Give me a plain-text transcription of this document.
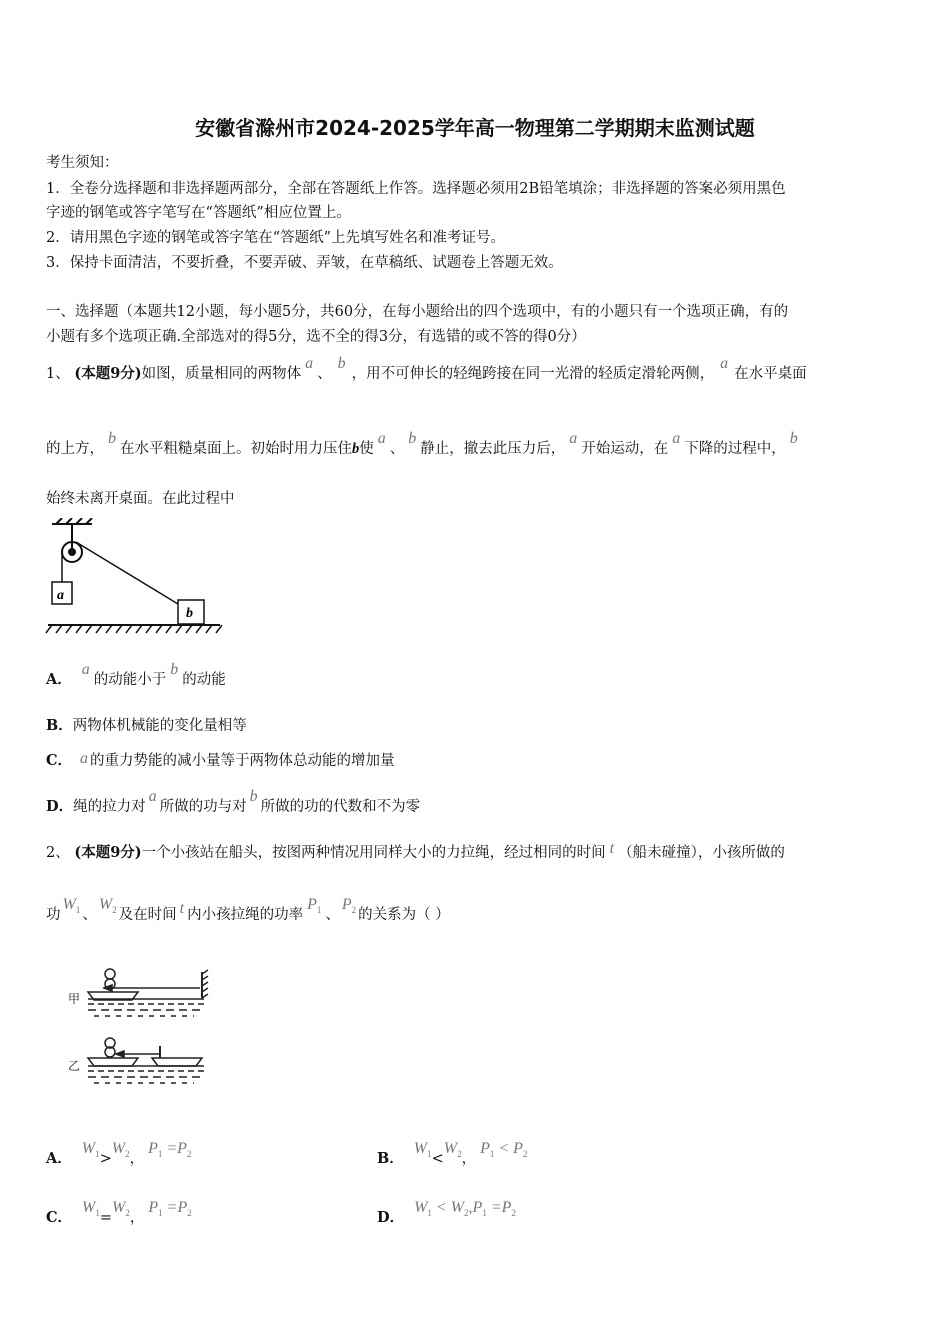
安徽省滁州市2024-2025学年高一物理第二学期期末监测试题
考生须知：
1．全卷分选择题和非选择题两部分，全部在答题纸上作答。选择题必须用2B铅笔填涂；非选择题的答案必须用黑色
字迹的钢笔或答字笔写在“答题纸”相应位置上。
2．请用黑色字迹的钢笔或答字笔在“答题纸”上先填写姓名和准考证号。
3．保持卡面清洁，不要折叠，不要弄破、弄皱，在草稿纸、试题卷上答题无效。
一、选择题（本题共12小题，每小题5分，共60分，在每小题给出的四个选项中，有的小题只有一个选项正确，有的
小题有多个选项正确.全部选对的得5分，选不全的得3分，有选错的或不答的得0分）
1、 (本题9分)如图，质量相同的两物体a、b，用不可伸长的轻绳跨接在同一光滑的轻质定滑轮两侧，a在水平桌面
的上方，b在水平粗糙桌面上。初始时用力压住b使a、b静止，撤去此压力后，a开始运动，在a下降的过程中，b
始终未离开桌面。在此过程中
a
b
A．a的动能小于b的动能
B．两物体机械能的变化量相等
C． a 的重力势能的减小量等于两物体总动能的增加量
D．绳的拉力对a所做的功与对b所做的功的代数和不为零
2、 (本题9分)一个小孩站在船头，按图两种情况用同样大小的力拉绳，经过相同的时间 t （船未碰撞），小孩所做的
功$W_1$ 、$W_2$ 及在时间 t 内小孩拉绳的功率$P_1$ 、$P_2$ 的关系为（ ）
甲
乙
A．$W_1>W_2$，$P_1 =P_2$	B．$W_1<W_2$，$P_1 < P_2$
C．$W_1=W_2$，$P_1 =P_2$	D．$W_1 < W_2,P_1 =P_2$
